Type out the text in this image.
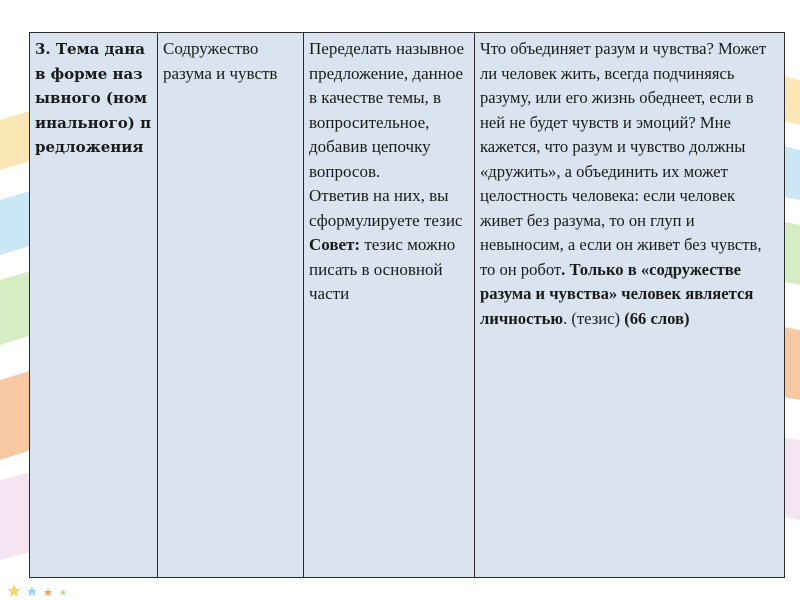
3. Тема дана в форме назывного (номинального) предложения	Содружество разума и чувств	Переделать назывное предложение, данное в качестве темы, в вопросительное, добавив цепочку вопросов.
Ответив на них, вы сформулируете тезис
Совет: тезис можно писать в основной части	Что объединяет разум и чувства? Может ли человек жить, всегда подчиняясь разуму, или его жизнь обеднеет, если в ней не будет чувств и эмоций? Мне кажется, что разум и чувство должны «дружить», а объединить их может целостность человека: если человек живет без разума, то он глуп и невыносим, а если он живет без чувств, то он робот. Только в «содружестве разума и чувства» человек является личностью. (тезис) (66 слов)
